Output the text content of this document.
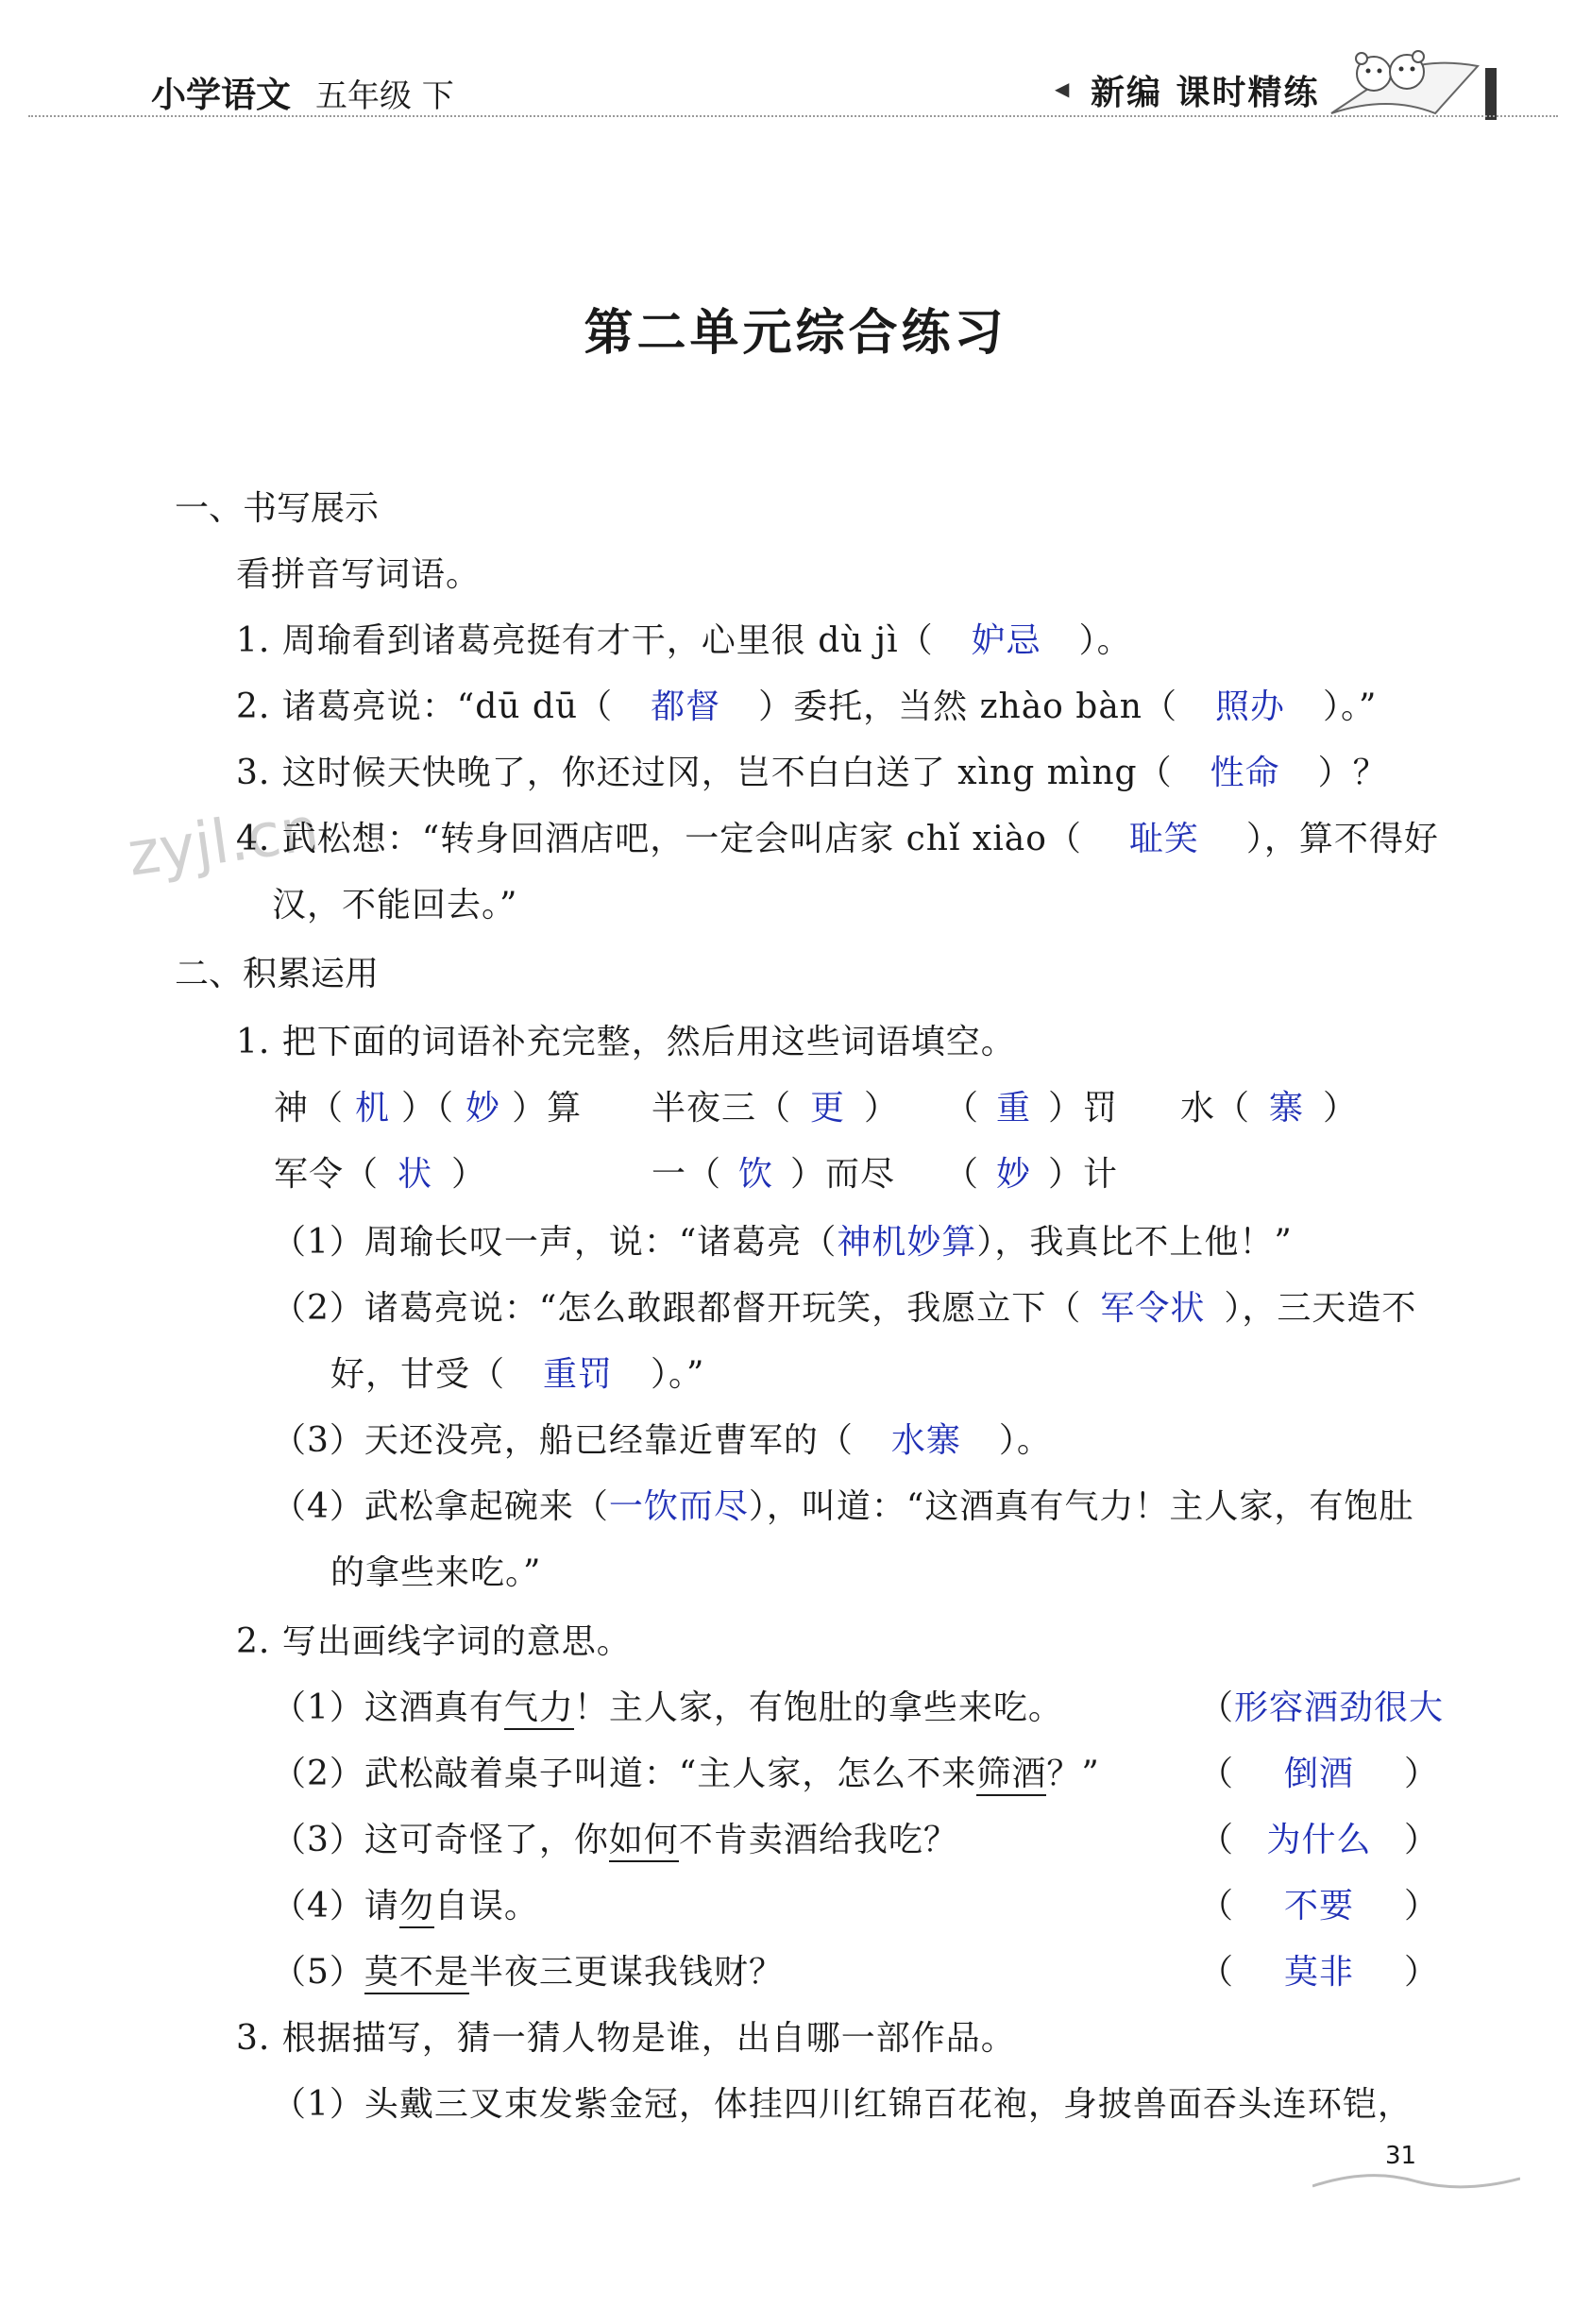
小学语文 五年级 下	◀ 新编 课时精练
zyjl.cn
第二单元综合练习
一、书写展示
看拼音写词语。
1. 周瑜看到诸葛亮挺有才干，心里很 dù jì（ 妒忌 ）。
2. 诸葛亮说：“dū dū（ 都督 ）委托，当然 zhào bàn（ 照办 ）。”
3. 这时候天快晚了，你还过冈，岂不白白送了 xìng mìng（ 性命 ）？
4. 武松想：“转身回酒店吧，一定会叫店家 chǐ xiào（ 耻笑 ），算不得好
汉，不能回去。”
二、积累运用
1. 把下面的词语补充完整，然后用这些词语填空。
神（ 机 ）（ 妙 ）算 半夜三（ 更 ） （ 重 ）罚 水（ 寨 ）
军令（ 状 ）	一（ 饮 ）而尽 （ 妙 ）计
（1）周瑜长叹一声，说：“诸葛亮（神机妙算），我真比不上他！”
（2）诸葛亮说：“怎么敢跟都督开玩笑，我愿立下（ 军令状 ），三天造不
好，甘受（ 重罚 ）。”
（3）天还没亮，船已经靠近曹军的（ 水寨 ）。
（4）武松拿起碗来（一饮而尽），叫道：“这酒真有气力！主人家，有饱肚
的拿些来吃。”
2. 写出画线字词的意思。
（1）这酒真有气力！主人家，有饱肚的拿些来吃。	（形容酒劲很大
（2）武松敲着桌子叫道：“主人家，怎么不来筛酒？”	（ 倒酒 ）
（3）这可奇怪了，你如何不肯卖酒给我吃？	（ 为什么 ）
（4）请勿自误。	（ 不要 ）
（5）莫不是半夜三更谋我钱财？	（ 莫非 ）
3. 根据描写，猜一猜人物是谁，出自哪一部作品。
（1）头戴三叉束发紫金冠，体挂四川红锦百花袍，身披兽面吞头连环铠，
31
